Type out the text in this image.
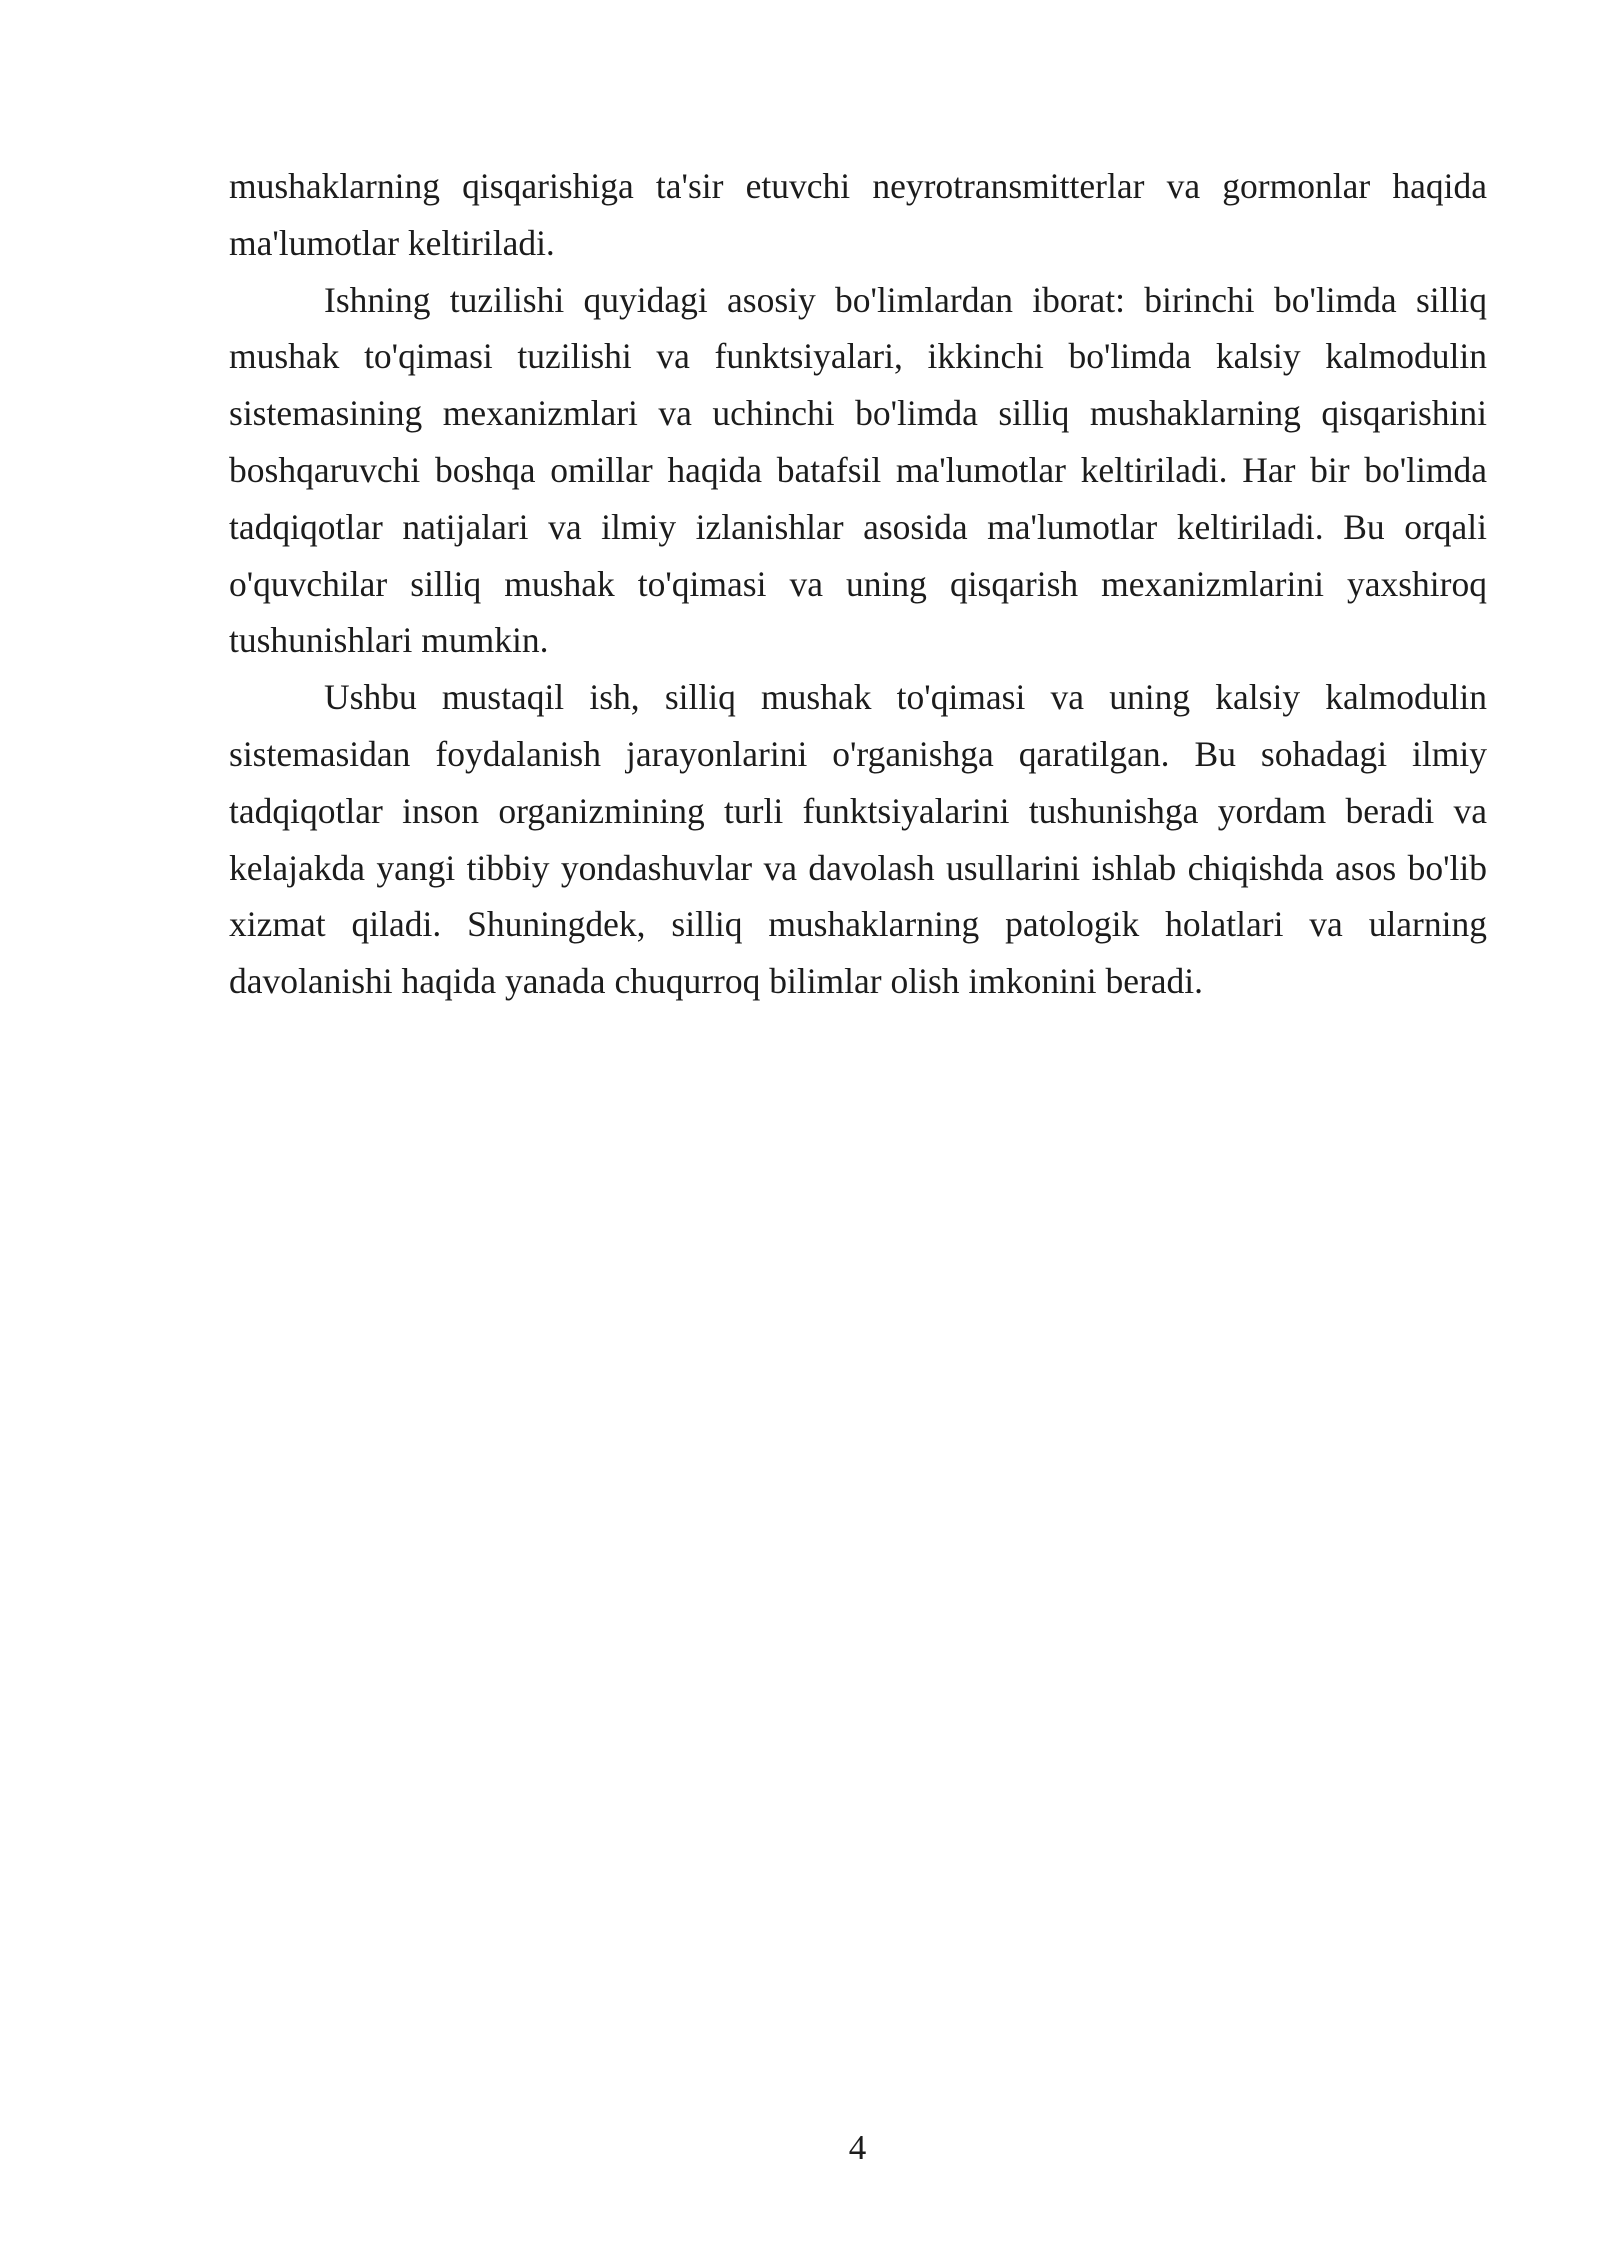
mushaklarning qisqarishiga ta'sir etuvchi neyrotransmitterlar va gormonlar haqida ma'lumotlar keltiriladi.

Ishning tuzilishi quyidagi asosiy bo'limlardan iborat: birinchi bo'limda silliq mushak to'qimasi tuzilishi va funktsiyalari, ikkinchi bo'limda kalsiy kalmodulin sistemasining mexanizmlari va uchinchi bo'limda silliq mushaklarning qisqarishini boshqaruvchi boshqa omillar haqida batafsil ma'lumotlar keltiriladi. Har bir bo'limda tadqiqotlar natijalari va ilmiy izlanishlar asosida ma'lumotlar keltiriladi. Bu orqali o'quvchilar silliq mushak to'qimasi va uning qisqarish mexanizmlarini yaxshiroq tushunishlari mumkin.

Ushbu mustaqil ish, silliq mushak to'qimasi va uning kalsiy kalmodulin sistemasidan foydalanish jarayonlarini o'rganishga qaratilgan. Bu sohadagi ilmiy tadqiqotlar inson organizmining turli funktsiyalarini tushunishga yordam beradi va kelajakda yangi tibbiy yondashuvlar va davolash usullarini ishlab chiqishda asos bo'lib xizmat qiladi. Shuningdek, silliq mushaklarning patologik holatlari va ularning davolanishi haqida yanada chuqurroq bilimlar olish imkonini beradi.

4
